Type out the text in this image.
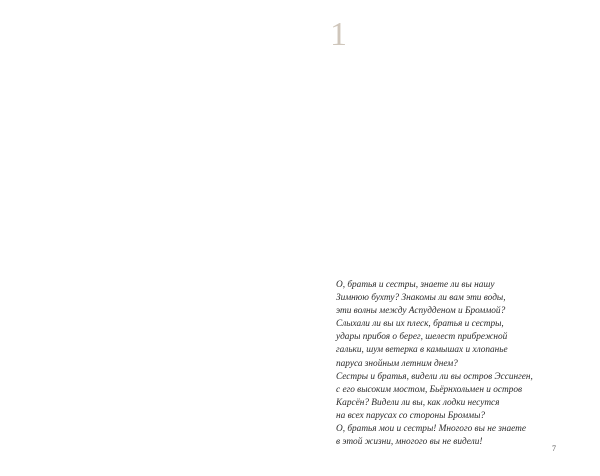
1

О, братья и сестры, знаете ли вы нашу

Зимнюю бухту? Знакомы ли вам эти воды,

эти волны между Аспудденом и Броммой?

Слыхали ли вы их плеск, братья и сестры,

удары прибоя о берег, шелест прибрежной

гальки, шум ветерка в камышах и хлопанье

паруса знойным летним днем?

Сестры и братья, видели ли вы остров Эссинген,

с его высоким мостом, Бьёрнхольмен и остров

Карсён? Видели ли вы, как лодки несутся

на всех парусах со стороны Броммы?

О, братья мои и сестры! Многого вы не знаете

в этой жизни, многого вы не видели!

7
